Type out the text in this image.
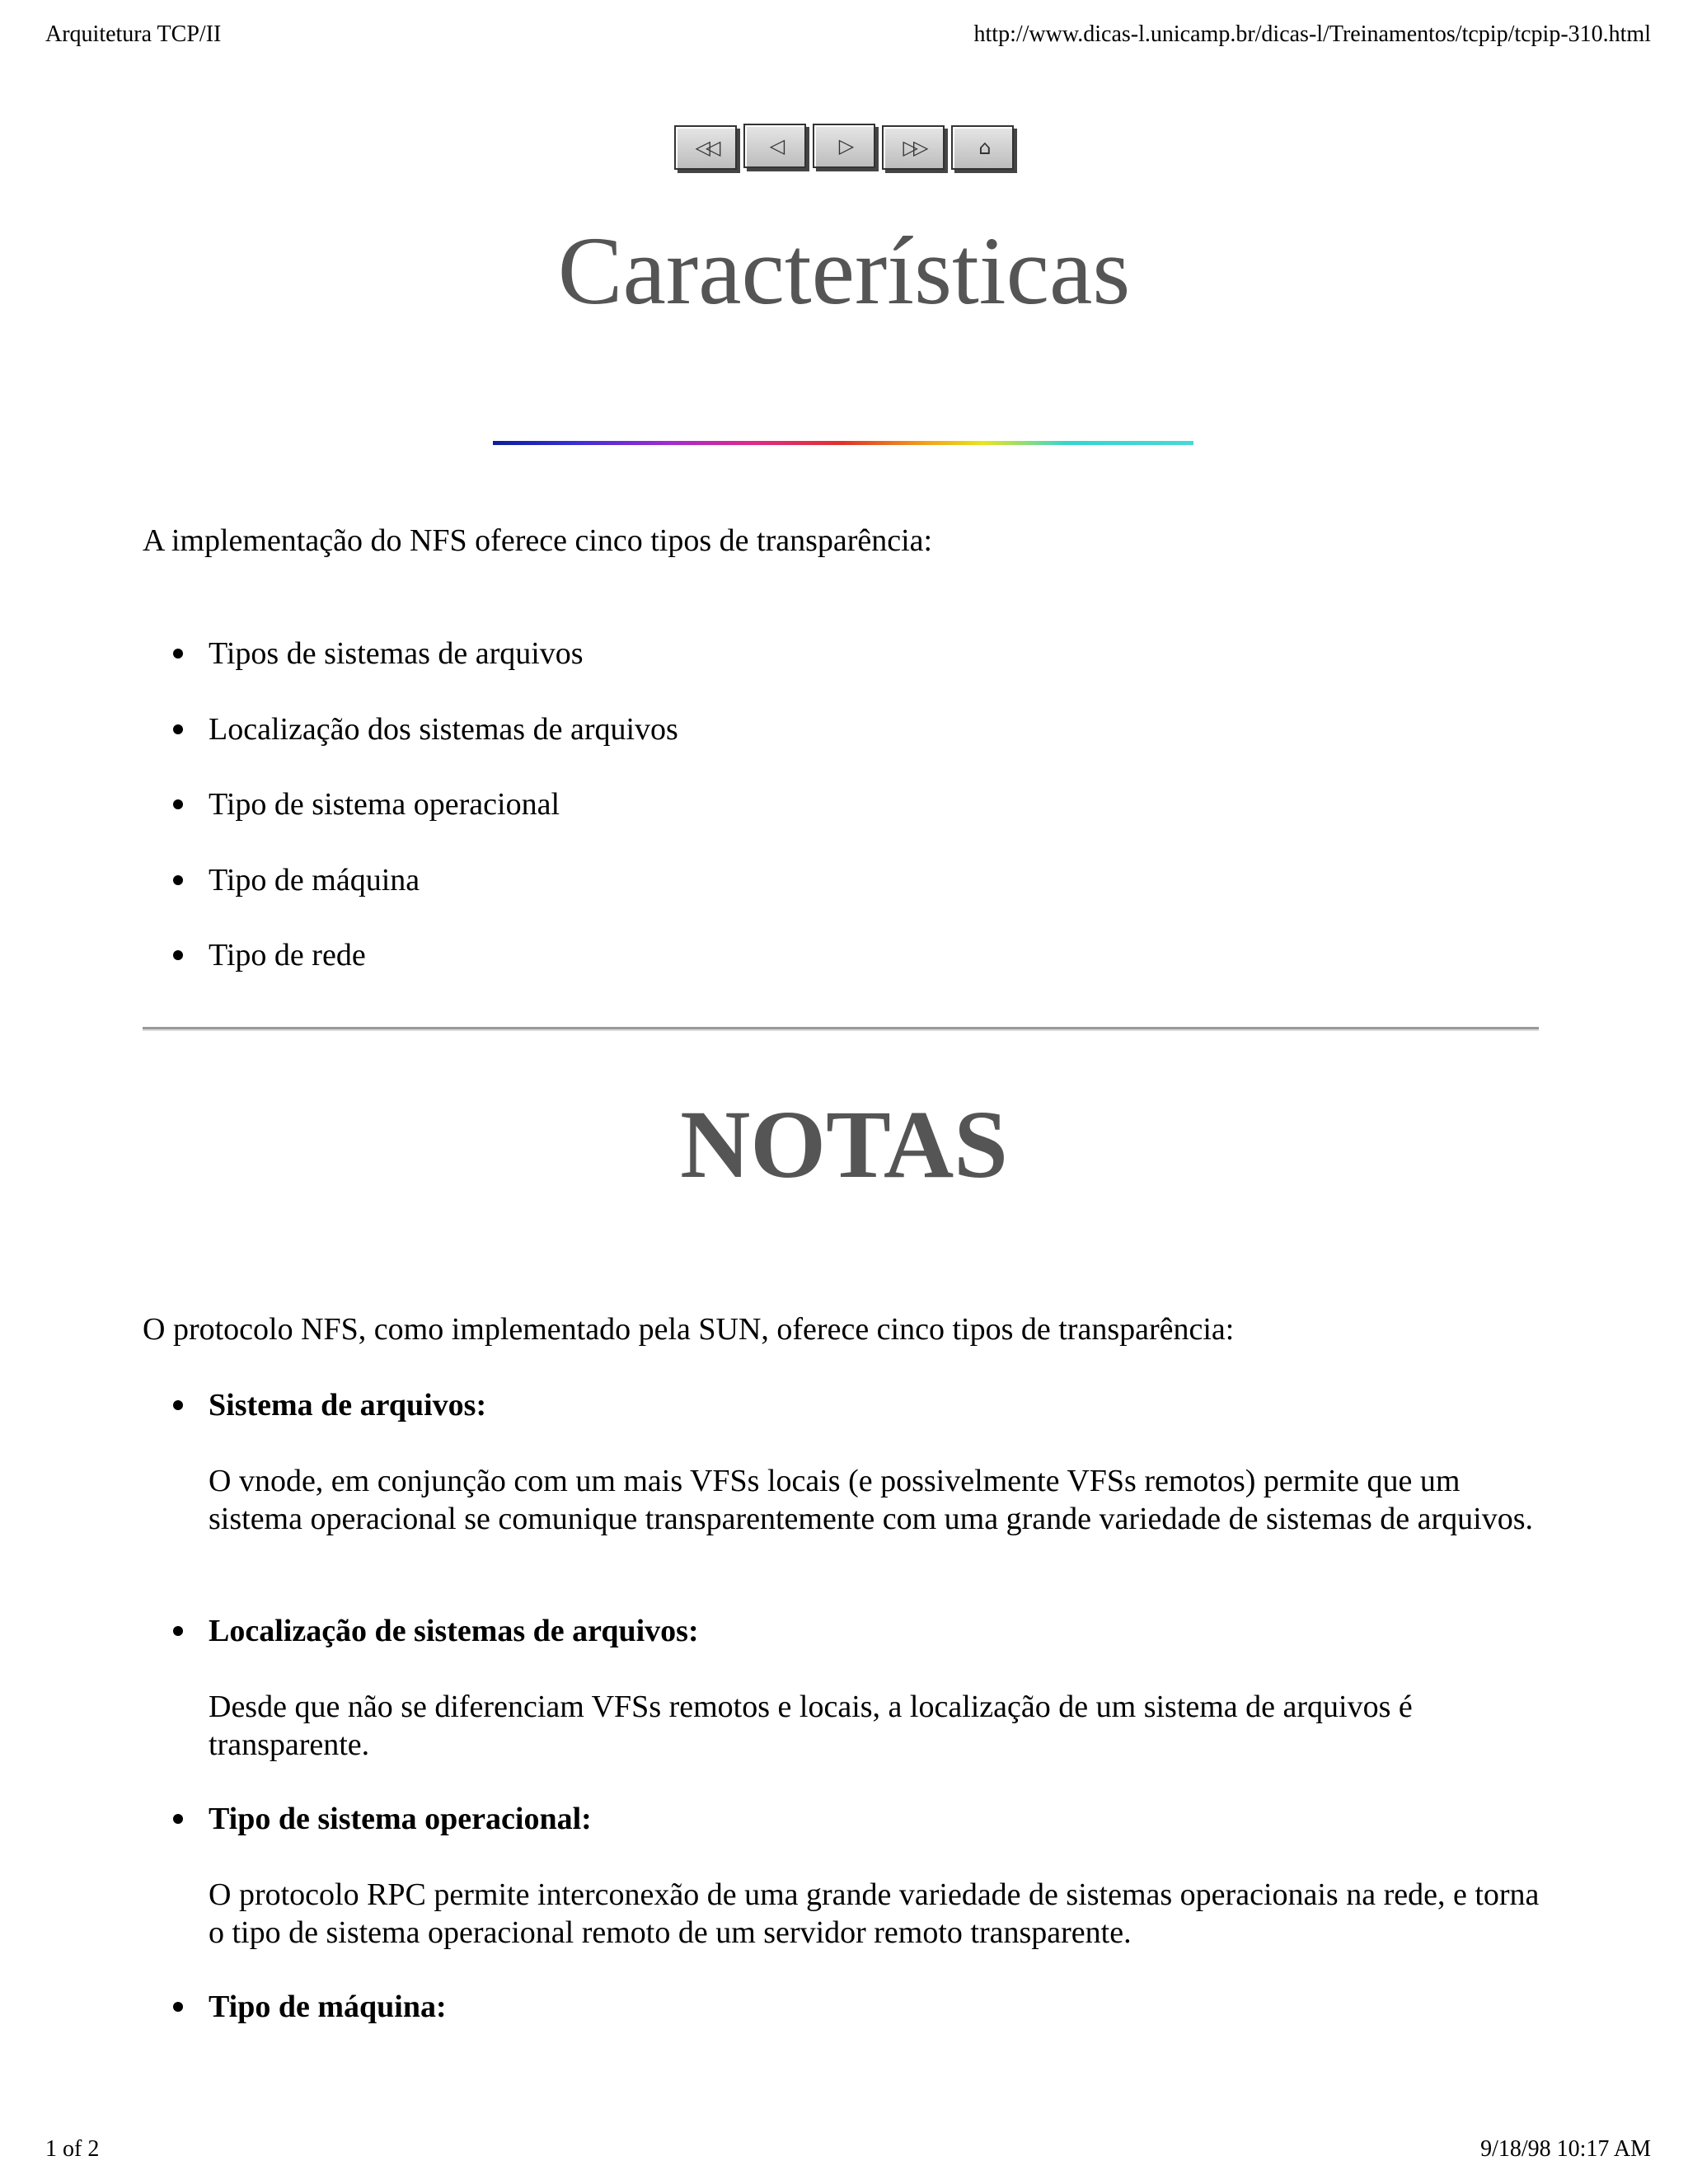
Arquitetura TCP/II	http://www.dicas-l.unicamp.br/dicas-l/Treinamentos/tcpip/tcpip-310.html
◁◁	◁	▷	▷▷	⌂
Características

A implementação do NFS oferece cinco tipos de transparência:

Tipos de sistemas de arquivos
Localização dos sistemas de arquivos
Tipo de sistema operacional
Tipo de máquina
Tipo de rede
NOTAS

O protocolo NFS, como implementado pela SUN, oferece cinco tipos de transparência:

Sistema de arquivos:
O vnode, em conjunção com um mais VFSs locais (e possivelmente VFSs remotos) permite que um sistema operacional se comunique transparentemente com uma grande variedade de sistemas de arquivos.
Localização de sistemas de arquivos:
Desde que não se diferenciam VFSs remotos e locais, a localização de um sistema de arquivos é transparente.
Tipo de sistema operacional:
O protocolo RPC permite interconexão de uma grande variedade de sistemas operacionais na rede, e torna o tipo de sistema operacional remoto de um servidor remoto transparente.
Tipo de máquina:
1 of 2	9/18/98 10:17 AM
